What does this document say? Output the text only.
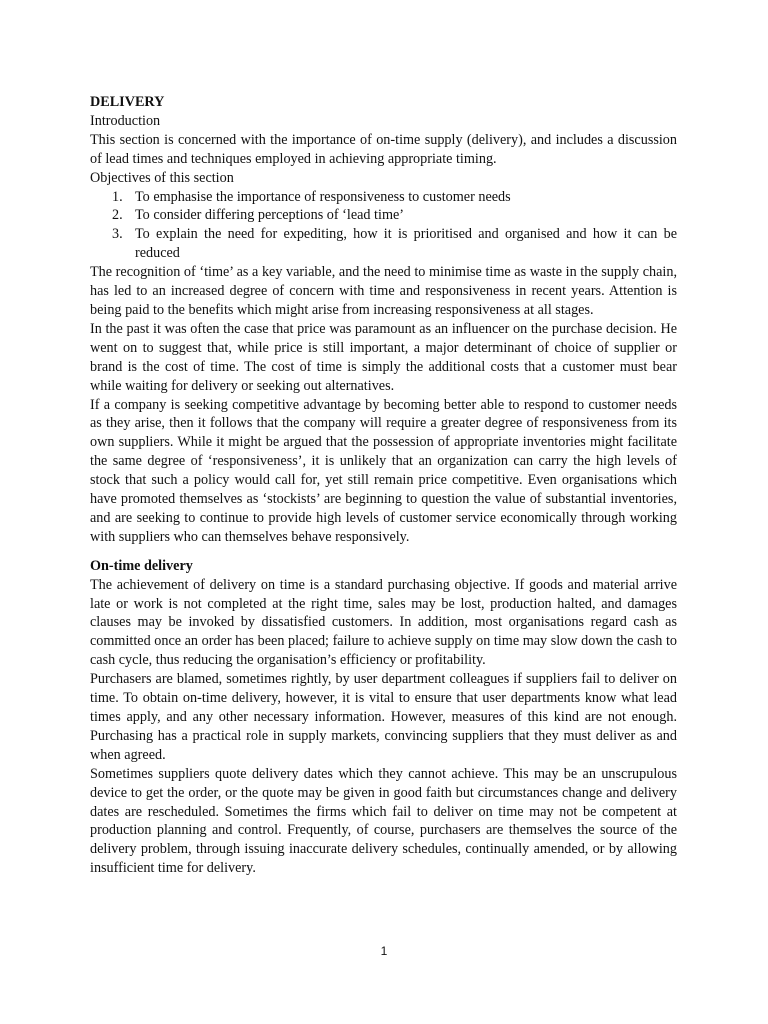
DELIVERY

Introduction

This section is concerned with the importance of on-time supply (delivery), and includes a discussion of lead times and techniques employed in achieving appropriate timing.

Objectives of this section

1. To emphasise the importance of responsiveness to customer needs
2. To consider differing perceptions of ‘lead time’
3. To explain the need for expediting, how it is prioritised and organised and how it can be reduced

The recognition of ‘time’ as a key variable, and the need to minimise time as waste in the supply chain, has led to an increased degree of concern with time and responsiveness in recent years. Attention is being paid to the benefits which might arise from increasing responsiveness at all stages.

In the past it was often the case that price was paramount as an influencer on the purchase decision. He went on to suggest that, while price is still important, a major determinant of choice of supplier or brand is the cost of time. The cost of time is simply the additional costs that a customer must bear while waiting for delivery or seeking out alternatives.

If a company is seeking competitive advantage by becoming better able to respond to customer needs as they arise, then it follows that the company will require a greater degree of responsiveness from its own suppliers. While it might be argued that the possession of appropriate inventories might facilitate the same degree of ‘responsiveness’, it is unlikely that an organization can carry the high levels of stock that such a policy would call for, yet still remain price competitive. Even organisations which have promoted themselves as ‘stockists’ are beginning to question the value of substantial inventories, and are seeking to continue to provide high levels of customer service economically through working with suppliers who can themselves behave responsively.

On-time delivery

The achievement of delivery on time is a standard purchasing objective. If goods and material arrive late or work is not completed at the right time, sales may be lost, production halted, and damages clauses may be invoked by dissatisfied customers. In addition, most organisations regard cash as committed once an order has been placed; failure to achieve supply on time may slow down the cash to cash cycle, thus reducing the organisation’s efficiency or profitability.

Purchasers are blamed, sometimes rightly, by user department colleagues if suppliers fail to deliver on time. To obtain on-time delivery, however, it is vital to ensure that user departments know what lead times apply, and any other necessary information. However, measures of this kind are not enough. Purchasing has a practical role in supply markets, convincing suppliers that they must deliver as and when agreed.

Sometimes suppliers quote delivery dates which they cannot achieve. This may be an unscrupulous device to get the order, or the quote may be given in good faith but circumstances change and delivery dates are rescheduled. Sometimes the firms which fail to deliver on time may not be competent at production planning and control. Frequently, of course, purchasers are themselves the source of the delivery problem, through issuing inaccurate delivery schedules, continually amended, or by allowing insufficient time for delivery.

1
